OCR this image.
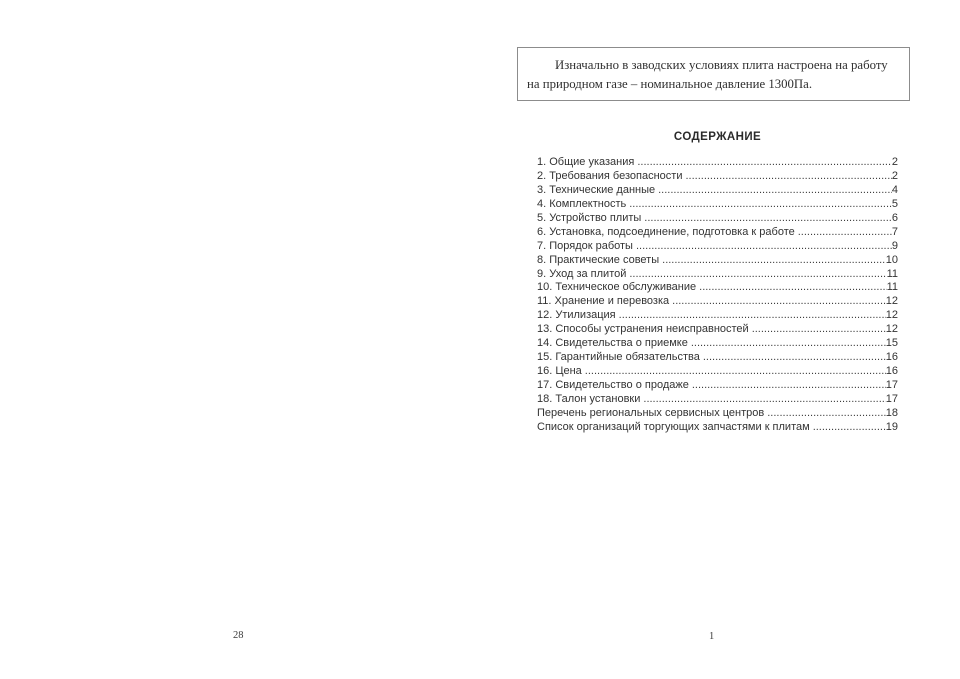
Изначально в заводских условиях плита настроена на работу
на природном газе – номинальное давление 1300Па.
СОДЕРЖАНИЕ
1. Общие указания .....	2
2. Требования безопасности .....	2
3. Технические данные .....	4
4. Комплектность .....	5
5. Устройство плиты .....	6
6. Установка, подсоединение, подготовка к работе .....	7
7. Порядок работы .....	9
8. Практические советы .....	10
9. Уход за плитой .....	11
10. Техническое обслуживание .....	11
11. Хранение и перевозка .....	12
12. Утилизация .....	12
13. Способы устранения неисправностей .....	12
14. Свидетельства о приемке .....	15
15. Гарантийные обязательства .....	16
16. Цена .....	16
17. Свидетельство о продаже .....	17
18. Талон установки .....	17
Перечень региональных сервисных центров .....	18
Список организаций торгующих запчастями к плитам .....	19
28	1
